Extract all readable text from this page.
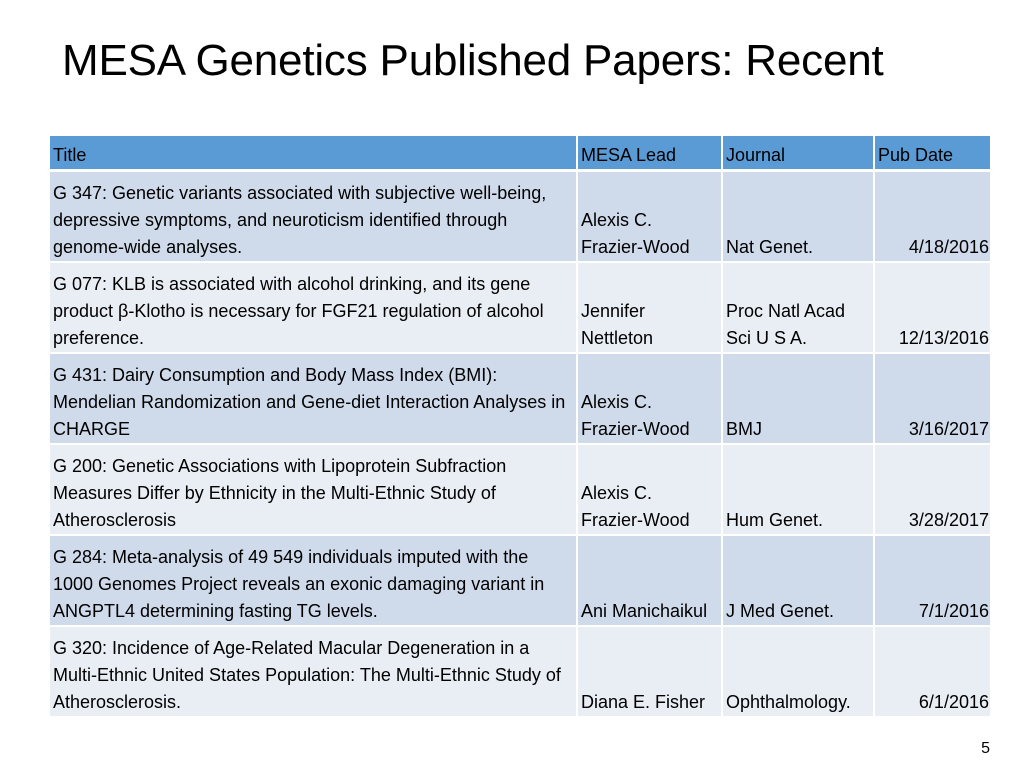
MESA Genetics Published Papers: Recent
Title	MESA Lead	Journal	Pub Date
G 347: Genetic variants associated with subjective well-being, depressive symptoms, and neuroticism identified through genome-wide analyses.	Alexis C. Frazier-Wood	Nat Genet.	4/18/2016
G 077: KLB is associated with alcohol drinking, and its gene product β-Klotho is necessary for FGF21 regulation of alcohol preference.	Jennifer Nettleton	Proc Natl Acad Sci U S A.	12/13/2016
G 431: Dairy Consumption and Body Mass Index (BMI): Mendelian Randomization and Gene-diet Interaction Analyses in CHARGE	Alexis C. Frazier-Wood	BMJ	3/16/2017
G 200: Genetic Associations with Lipoprotein Subfraction Measures Differ by Ethnicity in the Multi-Ethnic Study of Atherosclerosis	Alexis C. Frazier-Wood	Hum Genet.	3/28/2017
G 284: Meta-analysis of 49 549 individuals imputed with the 1000 Genomes Project reveals an exonic damaging variant in ANGPTL4 determining fasting TG levels.	Ani Manichaikul	J Med Genet.	7/1/2016
G 320: Incidence of Age-Related Macular Degeneration in a Multi-Ethnic United States Population: The Multi-Ethnic Study of Atherosclerosis.	Diana E. Fisher	Ophthalmology.	6/1/2016
5
